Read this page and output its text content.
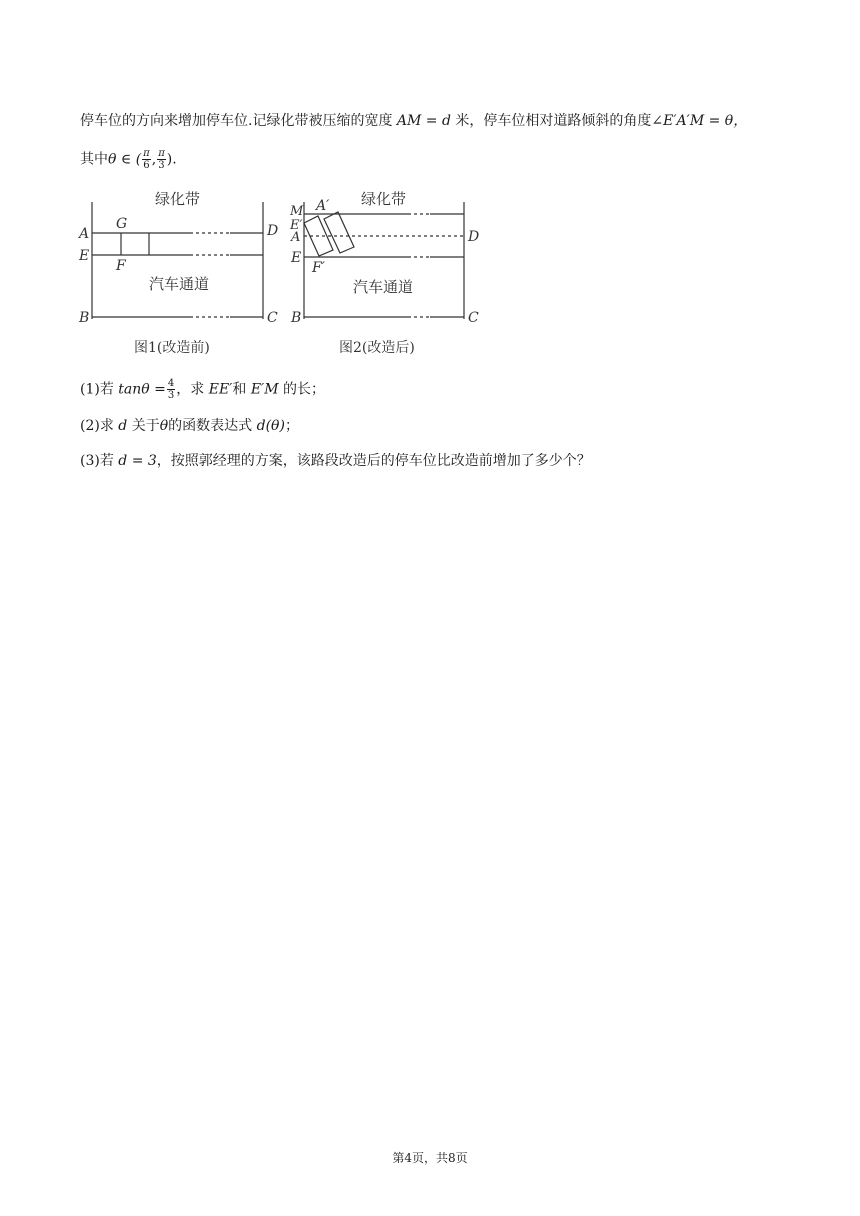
停车位的方向来增加停车位.记绿化带被压缩的宽度 AM = d 米，停车位相对道路倾斜的角度∠E′A′M = θ，
其中θ ∈ ( $\frac{\pi}{6}$ , $\frac{\pi}{3}$ ).
绿化带
汽车通道
图1(改造前)
A
E
B	C
D
G
F
绿化带
汽车通道
图2(改造后)
M
E′
A
E
B	C
D
A′
F′
(1)若 $\tan\theta = \frac{4}{3}$ ，求 EE′和 E′M 的长；
(2)求 d 关于θ的函数表达式 d(θ)；
(3)若 d = 3，按照郭经理的方案，该路段改造后的停车位比改造前增加了多少个？
第4页，共8页
